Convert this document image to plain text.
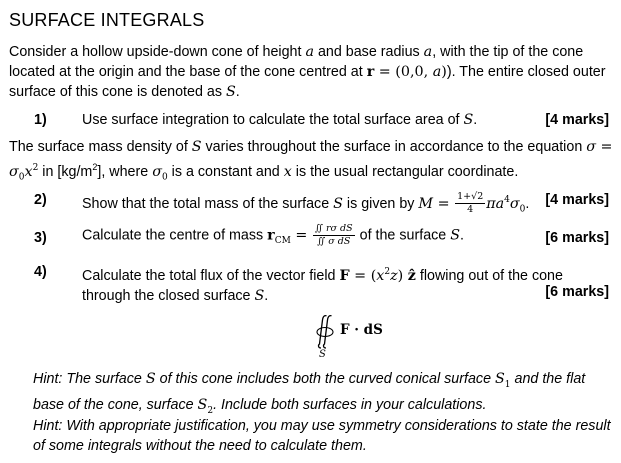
SURFACE INTEGRALS
Consider a hollow upside-down cone of height a and base radius a, with the tip of the cone located at the origin and the base of the cone centred at r = (0,0, a)). The entire closed outer surface of this cone is denoted as S.
1) Use surface integration to calculate the total surface area of S.	[4 marks]
The surface mass density of S varies throughout the surface in accordance to the equation $\sigma = \sigma_0x^2$ in $[kg/m^2]$, where $\sigma_0$ is a constant and x is the usual rectangular coordinate.
2) Show that the total mass of the surface S is given by $M = \frac{1+√2}{4} \pi a^4\sigma_0$.	[4 marks]
3) Calculate the centre of mass $r_{CM} = \frac{\text{∬ rσ dS}}{\text{∬ σ dS}}$ of the surface S.	[6 marks]
4) Calculate the total flux of the vector field $F = (x^2z)$ ẑ flowing out of the cone through the closed surface S.	[6 marks]
S
F · dS
Hint: The surface S of this cone includes both the curved conical surface $S_1$ and the flat base of the cone, surface $S_2$. Include both surfaces in your calculations.
Hint: With appropriate justification, you may use symmetry considerations to state the result of some integrals without the need to calculate them.
